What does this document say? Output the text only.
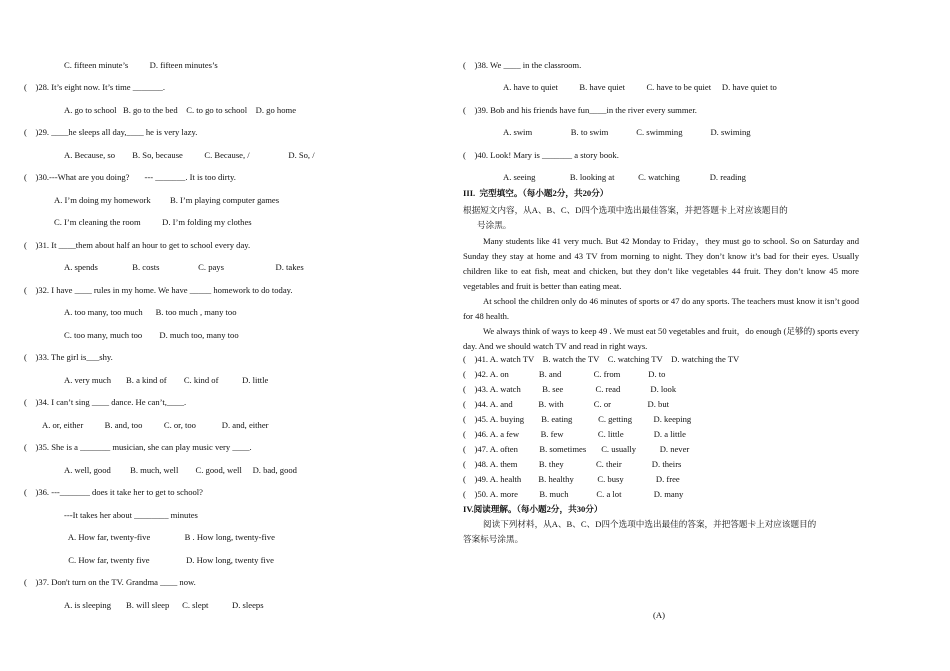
C. fifteen minute’s          D. fifteen minutes’s
(    )28. It’s eight now. It’s time _______.
A. go to school   B. go to the bed    C. to go to school    D. go home
(    )29. ____he sleeps all day,____ he is very lazy.
A. Because, so        B. So, because          C. Because, /                  D. So, /
(    )30.---What are you doing?       --- _______. It is too dirty.
A. I’m doing my homework         B. I’m playing computer games
C. I’m cleaning the room          D. I’m folding my clothes
(    )31. It ____them about half an hour to get to school every day.
A. spends                B. costs                  C. pays                        D. takes
(    )32. I have ____ rules in my home. We have _____ homework to do today.
A. too many, too much      B. too much , many too
C. too many, much too        D. much too, many too
(    )33. The girl is___shy.
A. very much       B. a kind of        C. kind of           D. little
(    )34. I can’t sing ____ dance. He can’t,____.
A. or, either          B. and, too          C. or, too            D. and, either
(    )35. She is a _______ musician, she can play music very ____.
A. well, good         B. much, well        C. good, well     D. bad, good
(    )36. ---_______ does it take her to get to school?
---It takes her about ________ minutes
A. How far, twenty-five                B . How long, twenty-five
C. How far, twenty five                 D. How long, twenty five
(    )37. Don't turn on the TV. Grandma ____ now.
A. is sleeping       B. will sleep      C. slept           D. sleeps
III.  完型填空。（每小题2分，共20分）
根据短文内容，从A、B、C、D四个选项中选出最佳答案，并把答题卡上对应该题目的
号涂黑。
Many students like 41 very much. But 42 Monday to Friday，they must go to school. So on Saturday and Sunday they stay at home and 43 TV from morning to night. They don’t know it’s bad for their eyes. Usually children like to eat fish, meat and chicken, but they don’t like vegetables 44 fruit. They don’t know 45 more vegetables and fruit is better than eating meat.
At school the children only do 46 minutes of sports or 47 do any sports. The teachers must know it isn’t good for 48 health.
We always think of ways to keep 49 . We must eat 50 vegetables and fruit，do enough (足够的) sports every day. And we should watch TV and read in right ways.
IV.阅读理解。（每小题2分，共30分）
阅读下列材料，从A、B、C、D四个选项中选出最佳的答案，并把答题卡上对应该题目的
答案标号涂黑。
(A)
(    )38. We ____ in the classroom.
A. have to quiet          B. have quiet          C. have to be quiet     D. have quiet to
(    )39. Bob and his friends have fun____in the river every summer.
A. swim                  B. to swim             C. swimming             D. swiming
(    )40. Look! Mary is _______ a story book.
A. seeing                B. looking at           C. watching              D. reading
(    )41. A. watch TV    B. watch the TV    C. watching TV    D. watching the TV
(    )42. A. on              B. and               C. from             D. to
(    )43. A. watch          B. see               C. read              D. look
(    )44. A. and            B. with              C. or                 D. but
(    )45. A. buying        B. eating            C. getting          D. keeping
(    )46. A. a few          B. few                C. little              D. a little
(    )47. A. often          B. sometimes       C. usually           D. never
(    )48. A. them          B. they               C. their              D. theirs
(    )49. A. health        B. healthy           C. busy               D. free
(    )50. A. more          B. much             C. a lot               D. many
